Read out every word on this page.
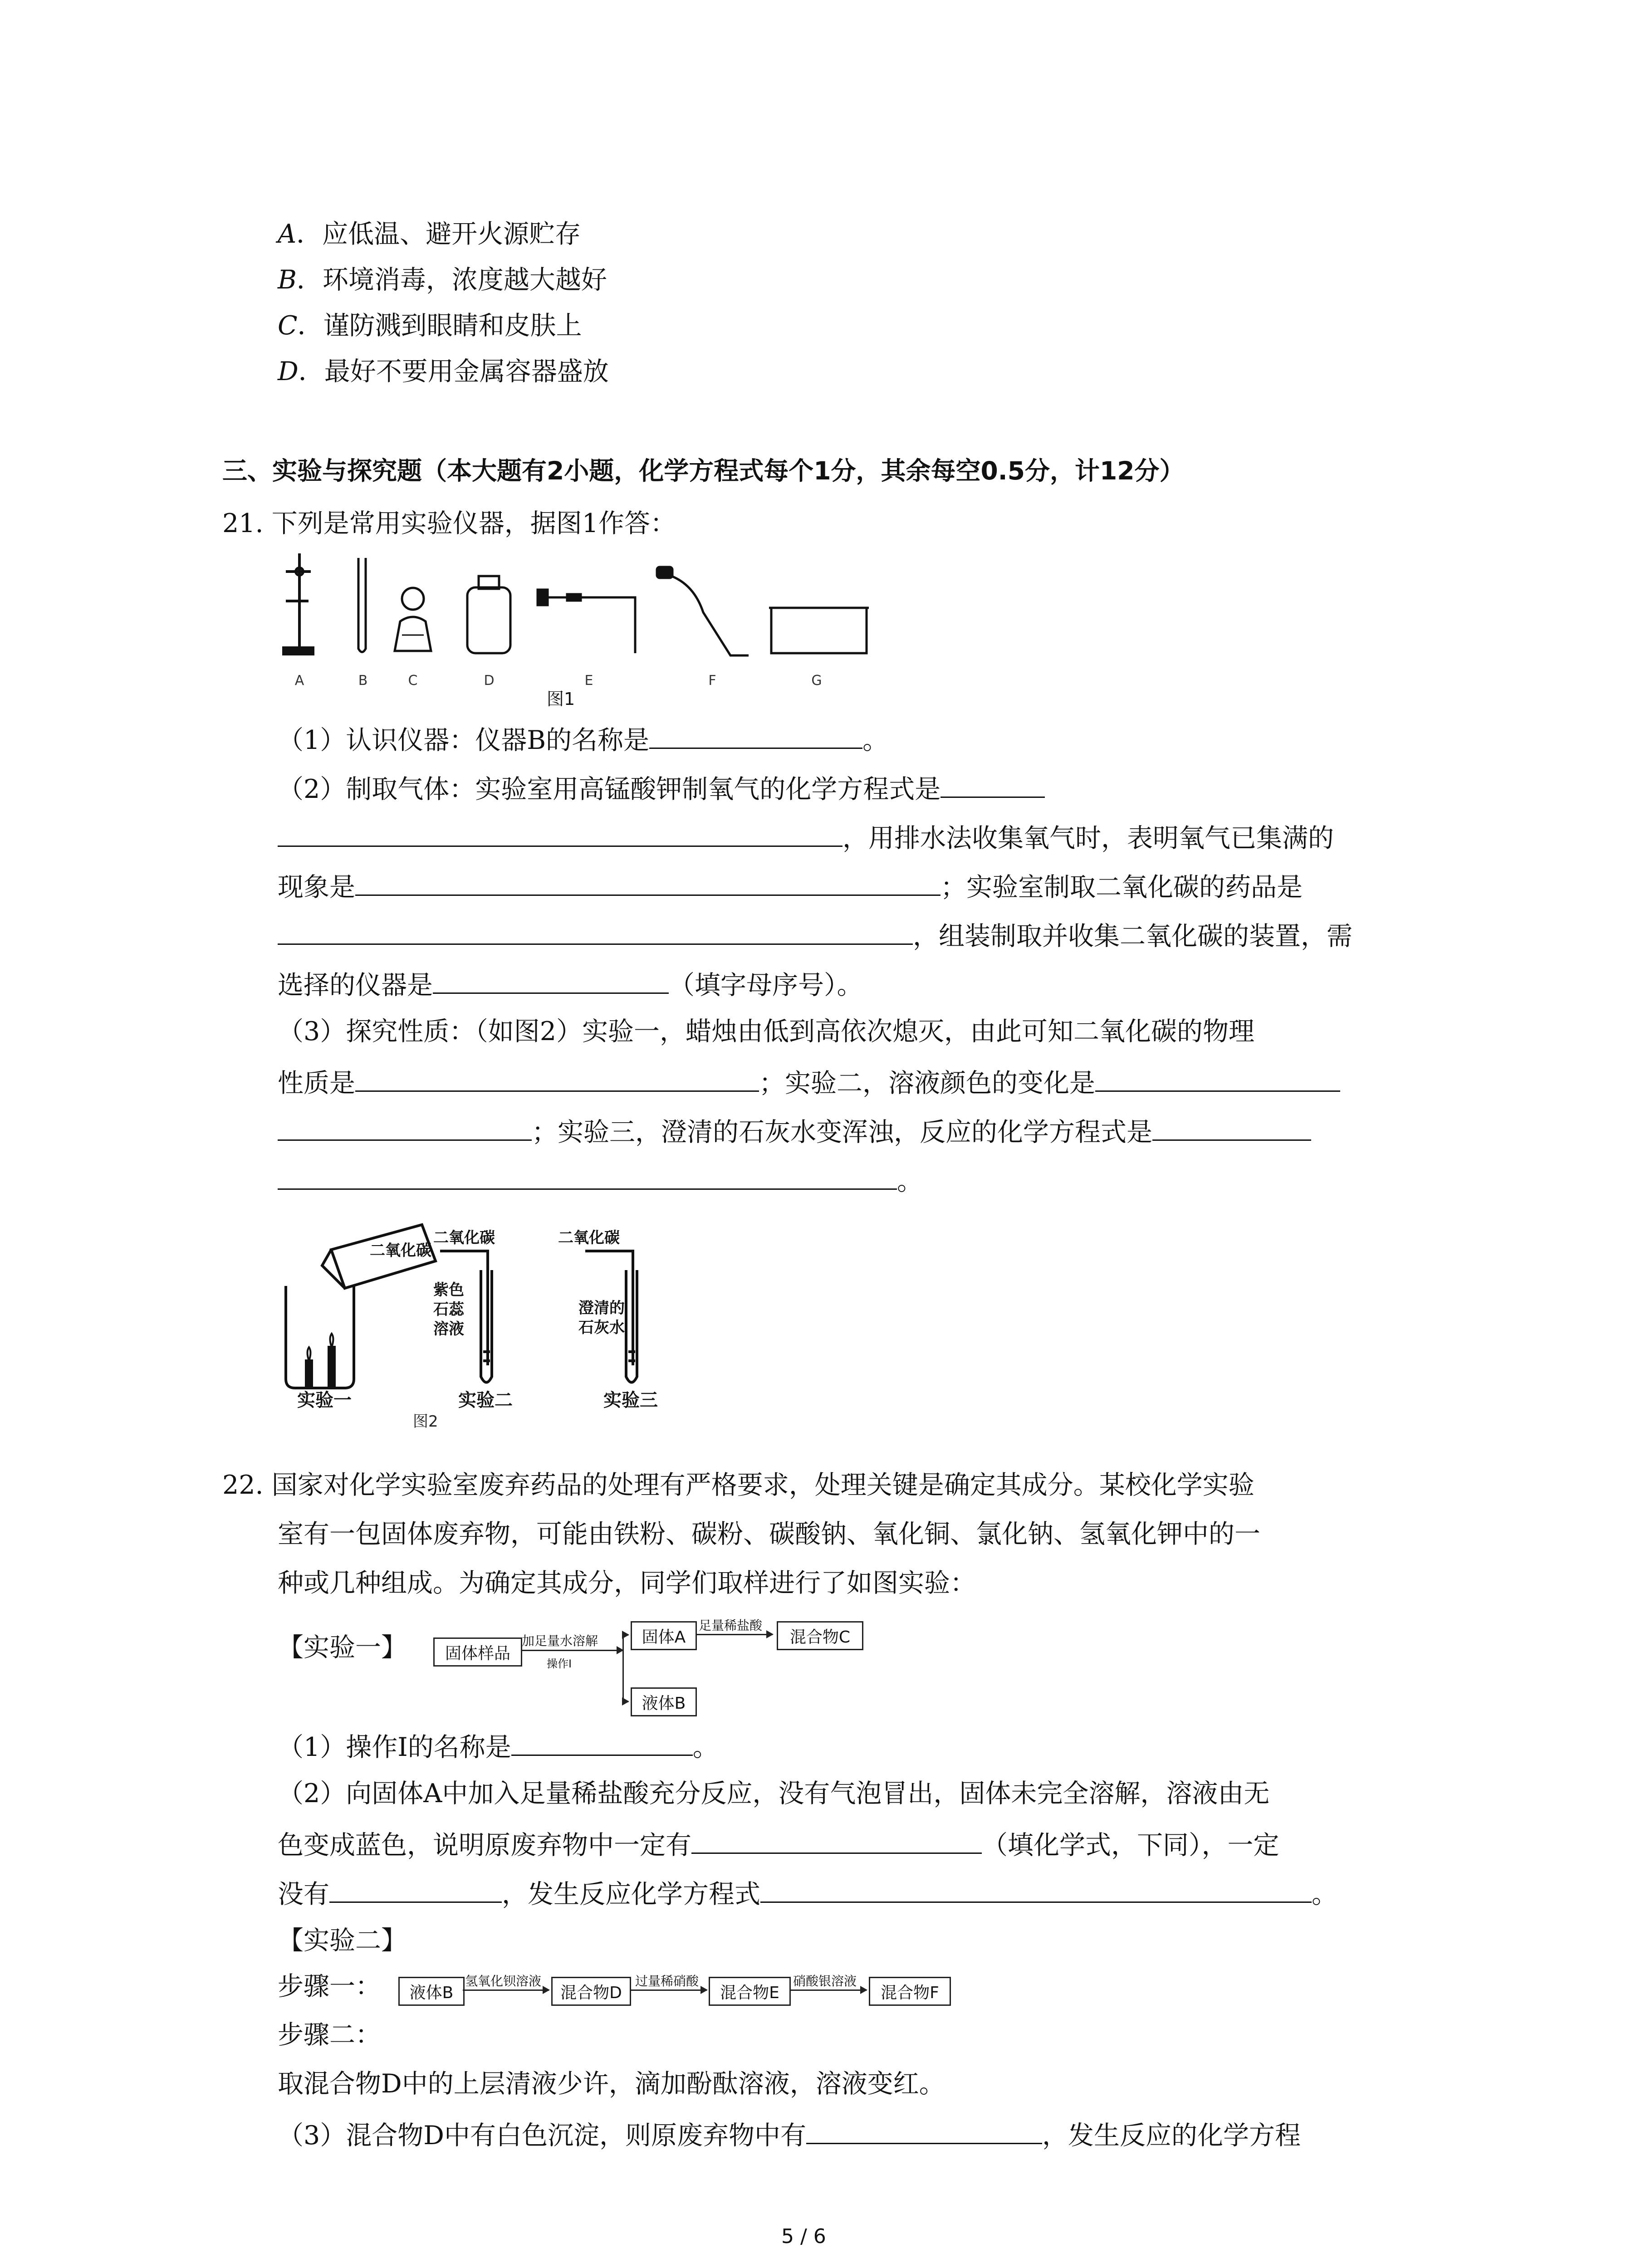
A．应低温、避开火源贮存
B．环境消毒，浓度越大越好
C．谨防溅到眼睛和皮肤上
D．最好不要用金属容器盛放
三、实验与探究题（本大题有2小题，化学方程式每个1分，其余每空0.5分，计12分）
21. 下列是常用实验仪器，据图1作答：
A	B	C	D	E	F	G
图1
（1）认识仪器：仪器B的名称是	。
（2）制取气体：实验室用高锰酸钾制氧气的化学方程式是
，用排水法收集氧气时，表明氧气已集满的
现象是	；实验室制取二氧化碳的药品是
，组装制取并收集二氧化碳的装置，需
选择的仪器是	（填字母序号）。
（3）探究性质：（如图2）实验一，蜡烛由低到高依次熄灭，由此可知二氧化碳的物理
性质是	；实验二，溶液颜色的变化是
；实验三，澄清的石灰水变浑浊，反应的化学方程式是
。
二氧化碳
二氧化碳
紫色
石蕊
溶液
二氧化碳
澄清的
石灰水
实验一	实验二	实验三
图2
22. 国家对化学实验室废弃药品的处理有严格要求，处理关键是确定其成分。某校化学实验
室有一包固体废弃物，可能由铁粉、碳粉、碳酸钠、氧化铜、氯化钠、氢氧化钾中的一
种或几种组成。为确定其成分，同学们取样进行了如图实验：
【实验一】	固体样品
加足量水溶解
操作I
固体A
足量稀盐酸
混合物C
液体B
（1）操作Ⅰ的名称是	。
（2）向固体A中加入足量稀盐酸充分反应，没有气泡冒出，固体未完全溶解，溶液由无
色变成蓝色，说明原废弃物中一定有	（填化学式，下同），一定
没有	，发生反应化学方程式	。
【实验二】
步骤一：	液体B
氢氧化钡溶液
混合物D
过量稀硝酸
混合物E
硝酸银溶液
混合物F
步骤二：
取混合物D中的上层清液少许，滴加酚酞溶液，溶液变红。
（3）混合物D中有白色沉淀，则原废弃物中有	，发生反应的化学方程
5 / 6
